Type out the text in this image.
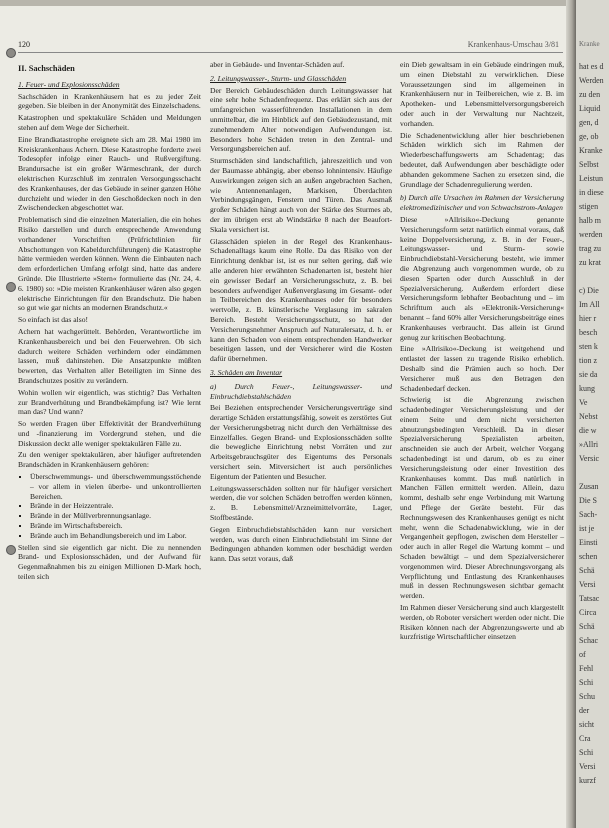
120	Krankenhaus-Umschau 3/81
II. Sachschäden
1. Feuer- und Explosionsschäden

Sachschäden in Krankenhäusern hat es zu jeder Zeit gegeben. Sie bleiben in der Anonymität des Einzelschadens.

Katastrophen und spektakuläre Schäden und Meldungen stehen auf dem Wege der Sicherheit.

Eine Brandkatastrophe ereignete sich am 28. Mai 1980 im Kreiskrankenhaus Achern. Diese Katastrophe forderte zwei Todesopfer infolge einer Rauch- und Rußvergiftung. Brandursache ist ein großer Wärmeschrank, der durch elektrischen Kurzschluß im zentralen Versorgungsschacht des Krankenhauses, der das Gebäude in seiner ganzen Höhe durchzieht und wieder in den Geschoßdecken noch in den Zwischendecken abgeschottet war.

Problematisch sind die einzelnen Materialien, die ein hohes Risiko darstellen und durch entsprechende Anwendung vorhandener Vorschriften (Prüfrichtlinien für Abschottungen von Kabeldurchführungen) die Katastrophe hätte vermieden werden können. Wenn die Einbauten nach dem erforderlichen Umfang erfolgt sind, hatte das andere Gründe. Die Illustrierte »Stern« formulierte das (Nr. 24, 4. 6. 1980) so: »Die meisten Krankenhäuser wären also gegen elektrische Einrichtungen für den Brandschutz. Die haben so gut wie gar nichts an modernen Brandschutz.«

So einfach ist das also!

Achern hat wachgerüttelt. Behörden, Verantwortliche im Krankenhausbereich und bei den Feuerwehren. Ob sich dadurch weitere Schäden verhindern oder eindämmen lassen, muß dahinstehen. Die Ansatzpunkte müßten bewerten, das Verhalten aller Beteiligten im Sinne des Brandschutzes positiv zu verändern.

Wohin wollen wir eigentlich, was stichtig? Das Verhalten zur Brandverhütung und Brandbekämpfung ist? Wie lernt man das? Und wann?

So werden Fragen über Effektivität der Brandverhütung und -finanzierung im Vordergrund stehen, und die Diskussion deckt alle weniger spektakulären Fälle zu.

Zu den weniger spektakulären, aber häufiger auftretenden Brandschäden in Krankenhäusern gehören:

▪ Überschwemmungs- und überschwemmungsstöchende – vor allem in vielen überbe- und unkontrollierten Bereichen.
▪ Brände in der Heizzentrale.
▪ Brände in der Müllverbrennungsanlage.
▪ Brände im Wirtschaftsbereich.
▪ Brände auch im Behandlungsbereich und im Labor.

Stellen sind sie eigentlich gar nicht. Die zu nennenden Brand- und Explosionsschäden, und der Aufwand für Gegenmaßnahmen bis zu einigen Millionen D-Mark hoch, teilen sich

aber in Gebäude- und Inventar-Schäden auf.

2. Leitungswasser-, Sturm- und Glasschäden

Der Bereich Gebäudeschäden durch Leitungswasser hat eine sehr hohe Schadenfrequenz. Das erklärt sich aus der umfangreichen wasserführenden Installationen in dem unmittelbar, die im Hinblick auf den Gebäudezustand, mit zunehmendem Alter notwendigen Aufwendungen ist. Besonders hohe Schäden treten in den Zentral- und Versorgungsbereichen auf.

Sturmschäden sind landschaftlich, jahreszeitlich und von der Baumasse abhängig, aber ebenso lohnintensiv. Häufige Auswirkungen zeigen sich an außen angebrachten Sachen, wie Antennenanlagen, Markisen, Überdachten Verbindungsgängen, Fenstern und Türen. Das Ausmaß großer Schäden hängt auch von der Stärke des Sturmes ab, der im übrigen erst ab Windstärke 8 nach der Beaufort-Skala versichert ist.

Glasschäden spielen in der Regel des Krankenhaus-Schadenalltags kaum eine Rolle. Da das Risiko von der Einrichtung denkbar ist, ist es nur selten gering, daß wie alle anderen hier erwähnten Schadenarten ist, besteht hier ein gewisser Bedarf an Versicherungsschutz, z. B. bei besonders aufwendiger Außenverglasung im Gesamt- oder in Teilbereichen des Krankenhauses oder für besonders wertvolle, z. B. künstlerische Verglasung im sakralen Bereich. Besteht Versicherungsschutz, so hat der Versicherungsnehmer Anspruch auf Naturalersatz, d. h. er kann den Schaden von einem entsprechenden Handwerker beseitigen lassen, und der Versicherer wird die Kosten dafür übernehmen.

3. Schäden am Inventar
a) Durch Feuer-, Leitungswasser- und Einbruchdiebstahlschäden

Bei Beziehen entsprechender Versicherungsverträge sind derartige Schäden erstattungsfähig, soweit es zerstörtes Gut der Versicherungsbetrag nicht durch den Verhältnisse des Einzelfalles. Gegen Brand- und Explosionsschäden sollte die bewegliche Einrichtung nebst Vorräten und zur Arbeitsgebrauchsgüter des Eigentums des Personals versichert sein. Mitversichert ist auch persönliches Eigentum der Patienten und Besucher.

Leitungswasserschäden sollten nur für häufiger versichert werden, die vor solchen Schäden betroffen werden können, z. B. Lebensmittel/Arzneimittelvorräte, Lager, Stoffbestände.

Gegen Einbruchdiebstahlschäden kann nur versichert werden, was durch einen Einbruchdiebstahl im Sinne der Bedingungen abhanden kommen oder beschädigt werden kann. Das setzt voraus, daß

ein Dieb gewaltsam in ein Gebäude eindringen muß, um einen Diebstahl zu verwirklichen. Diese Voraussetzungen sind im allgemeinen in Krankenhäusern nur in Teilbereichen, wie z. B. im Apotheken- und Lebensmittelversorgungsbereich oder auch in der Verwaltung nur Nachtzeit, vorhanden.

Die Schadenentwicklung aller hier beschriebenen Schäden wirklich sich im Rahmen der Wiederbeschaffungswerts am Schadentag; das bedeutet, daß Aufwendungen aber beschädigte oder abhanden gekommene Sachen zu ersetzen sind, die Grundlage der Schadenregulierung werden.

b) Durch alle Ursachen im Rahmen der Versicherung elektromedizinischer und von Schwachstrom-Anlagen

Diese »Allrisiko«-Deckung genannte Versicherungsform setzt natürlich einmal voraus, daß keine Doppelversicherung, z. B. in der Feuer-, Leitungswasser- und Sturm- sowie Einbruchdiebstahl-Versicherung besteht, wie immer die Abgrenzung auch vorgenommen wurde, ob zu diesen Sparten oder durch Ausschluß in der Spezialversicherung. Außerdem erfordert diese Versicherungsform lebhafter Beobachtung und – im Schrifttum auch als »Elektronik-Versicherung« benannt – fand 60% aller Versicherungsbeiträge eines Krankenhauses verbraucht. Das allein ist Grund genug zur kritischen Beobachtung.

Eine »Allrisiko«-Deckung ist weitgehend und entlastet der lassen zu tragende Risiko erheblich. Deshalb sind die Prämien auch so hoch. Der Versicherer muß aus den Betragen den Schadenbedarf decken.

Schwierig ist die Abgrenzung zwischen schadenbedingter Versicherungsleistung und der einem Seite und dem nicht versicherten abnutzungsbedingten Verschleiß. Da in dieser Spezialversicherung Spezialisten arbeiten, anschneiden sie auch der Arbeit, welcher Vorgang schadenbedingt ist und darum, ob es zu einer Versicherungsleistung oder einer Investition des Krankenhauses kommt. Das muß natürlich in Manchen Fällen ermittelt werden. Allein, dazu kommt, deshalb sehr enge Verbindung mit Wartung und Pflege der Geräte besteht. Für das Rechnungswesen des Krankenhauses genügt es nicht mehr, wenn die Schadenabwicklung, wie in der Vergangenheit gepflogen, zwischen dem Hersteller – oder auch in aller Regel die Wartung kommt – und Schaden bewältigt – und dem Spezialversicherer vorgenommen wird. Dieser Abrechnungsvorgang als Verpflichtung und Entlastung des Krankenhauses muß in dessen Rechnungswesen sichtbar gemacht werden.

Im Rahmen dieser Versicherung sind auch klargestellt werden, ob Roboter versichert werden oder nicht. Die Risiken können nach der Abgrenzungswerte und ab kurzfristige Wirtschaftlicher einsetzen

Kranke
hat es d
Werden
zu den
Liquid
gen, d
ge, ob
Kranke
Selbst
Leistun
in diese
stigen
halb m
werden
trag zu
zu krat
c) Die
Im All
hier r
besch
sten k
tion z
sie da
kung
Ve
Nebst
die w
»Allri
Versic
Zusan
Die S
Sach-
ist je
Einsti
schen
Schä
Versi
Tatsac
Circa
Schä
Schac
of
Fehl
Schi
Schu
der
sicht
Cra
Schi
Versi
kurzf
